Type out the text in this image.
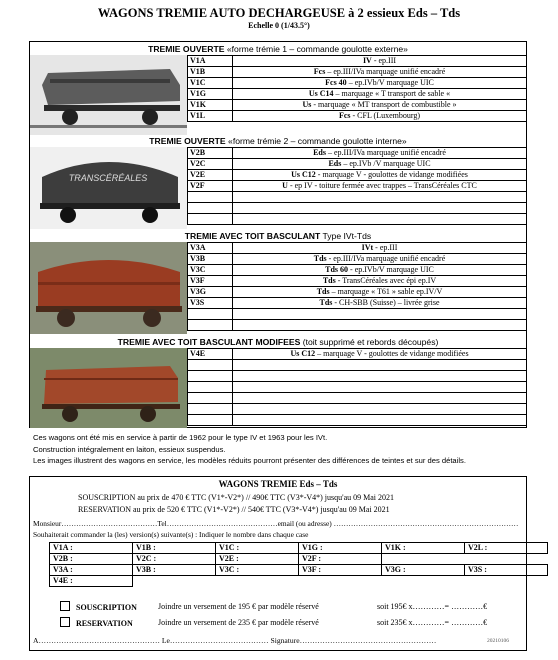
WAGONS TREMIE AUTO DECHARGEUSE à 2 essieux Eds – Tds
Echelle 0 (1/43.5°)
TREMIE OUVERTE «forme trémie 1 – commande goulotte externe»
V1A	IV - ep.III
V1B	Fcs – ep.III/IVa marquage unifié encadré
V1C	Fcs 40 – ep.IVb/V marquage UIC
V1G	Us C14 – marquage « T transport de sable «
V1K	Us - marquage « MT transport de combustible »
V1L	Fcs - CFL (Luxembourg)
TREMIE OUVERTE «forme trémie 2 – commande goulotte interne»
TRANSCÉRÉALES
V2B	Eds – ep.III/IVa marquage unifié encadré
V2C	Eds – ep.IVb /V marquage UIC
V2E	Us C12 - marquage V - goulottes de vidange modifiées
V2F	U - ep IV - toiture fermée avec trappes – TransCéréales CTC

TREMIE AVEC TOIT BASCULANT Type IVt-Tds
V3A	IVt - ep.III
V3B	Tds - ep.III/IVa marquage unifié encadré
V3C	Tds 60 - ep.IVb/V marquage UIC
V3F	Tds - TransCéréales avec épi ep.IV
V3G	Tds – marquage « T61 » sable ep.IV/V
V3S	Tds - CH-SBB (Suisse) – livrée grise

TREMIE AVEC TOIT BASCULANT MODIFEES (toit supprimé et rebords découpés)
V4E	Us C12 – marquage V - goulottes de vidange modifiées

Ces wagons ont été mis en service à partir de 1962 pour le type IV et 1963 pour les IVt.
Construction intégralement en laiton, essieux suspendus.
Les images illustrent des wagons en service, les modèles réduits pourront présenter des différences de teintes et sur des détails.
WAGONS TREMIE Eds – Tds
SOUSCRIPTION au prix de 470 € TTC (V1*-V2*) // 490€ TTC (V3*-V4*) jusqu'au 09 Mai 2021
RESERVATION au prix de 520 € TTC (V1*-V2*) // 540€ TTC (V3*-V4*) jusqu'au 09 Mai 2021
Monsieur…………………………………Tel………………………………………email (ou adresse) …………………………………………………………………
Souhaiterait commander la (les) version(s) suivante(s) : Indiquer le nombre dans chaque case
V1A :	V1B :	V1C :	V1G :	V1K :	V2L :
V2B :	V2C :	V2E :	V2F :		
V3A :	V3B :	V3C :	V3F :	V3G :	V3S :
V4E :					
SOUSCRIPTION	Joindre un versement de 195 € par modèle réservé	soit 195€ x…………= …………€
RESERVATION	Joindre un versement de 235 € par modèle réservé	soit 235€ x…………= …………€
A………………………………………… Le………………………………… Signature………………………………………………	20210106
